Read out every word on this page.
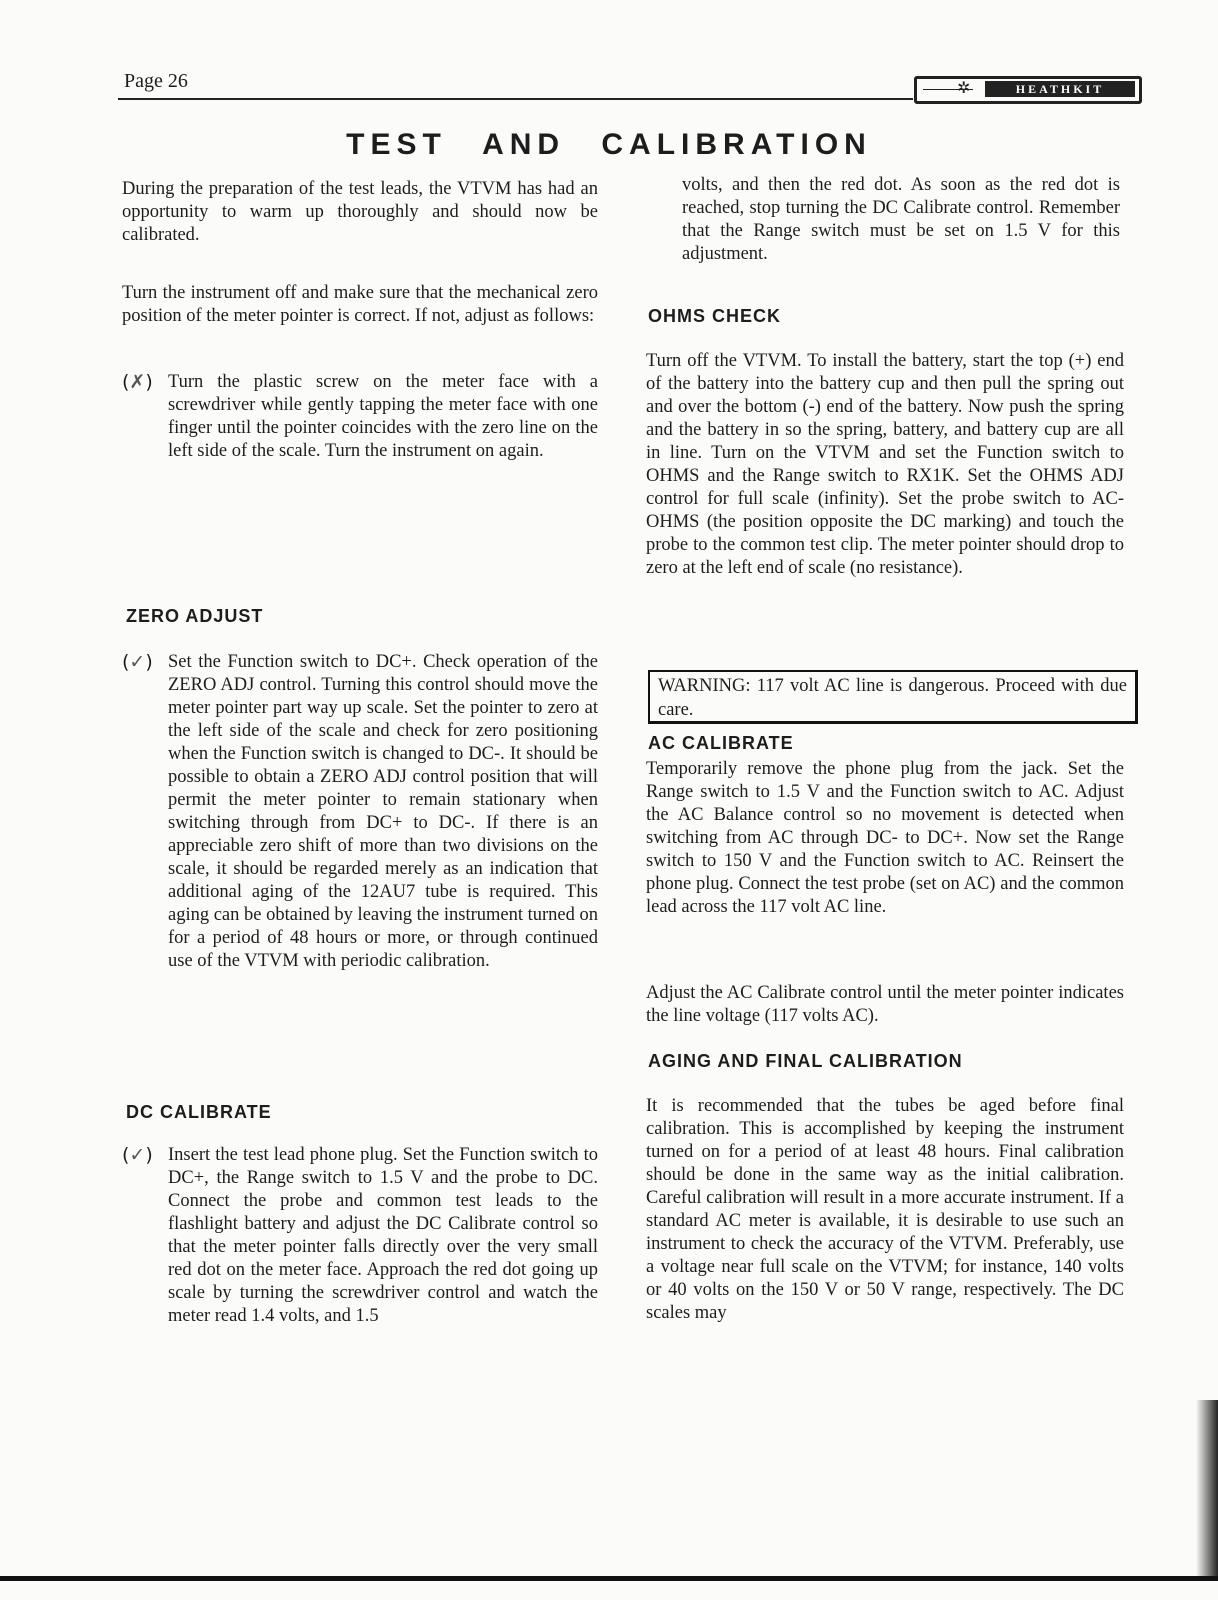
Page 26	✲	HEATHKIT
TEST AND CALIBRATION

During the preparation of the test leads, the VTVM has had an opportunity to warm up thoroughly and should now be calibrated.

Turn the instrument off and make sure that the mechanical zero position of the meter pointer is correct. If not, adjust as follows:

(✗) Turn the plastic screw on the meter face with a screwdriver while gently tapping the meter face with one finger until the pointer coincides with the zero line on the left side of the scale. Turn the instrument on again.

ZERO ADJUST
(✓) Set the Function switch to DC+. Check operation of the ZERO ADJ control. Turning this control should move the meter pointer part way up scale. Set the pointer to zero at the left side of the scale and check for zero positioning when the Function switch is changed to DC-. It should be possible to obtain a ZERO ADJ control position that will permit the meter pointer to remain stationary when switching through from DC+ to DC-. If there is an appreciable zero shift of more than two divisions on the scale, it should be regarded merely as an indication that additional aging of the 12AU7 tube is required. This aging can be obtained by leaving the instrument turned on for a period of 48 hours or more, or through continued use of the VTVM with periodic calibration.

DC CALIBRATE
(✓) Insert the test lead phone plug. Set the Function switch to DC+, the Range switch to 1.5 V and the probe to DC. Connect the probe and common test leads to the flashlight battery and adjust the DC Calibrate control so that the meter pointer falls directly over the very small red dot on the meter face. Approach the red dot going up scale by turning the screwdriver control and watch the meter read 1.4 volts, and 1.5

volts, and then the red dot. As soon as the red dot is reached, stop turning the DC Calibrate control. Remember that the Range switch must be set on 1.5 V for this adjustment.

OHMS CHECK

Turn off the VTVM. To install the battery, start the top (+) end of the battery into the battery cup and then pull the spring out and over the bottom (-) end of the battery. Now push the spring and the battery in so the spring, battery, and battery cup are all in line. Turn on the VTVM and set the Function switch to OHMS and the Range switch to RX1K. Set the OHMS ADJ control for full scale (infinity). Set the probe switch to AC-OHMS (the position opposite the DC marking) and touch the probe to the common test clip. The meter pointer should drop to zero at the left end of scale (no resistance).

WARNING: 117 volt AC line is dangerous. Proceed with due care.
AC CALIBRATE

Temporarily remove the phone plug from the jack. Set the Range switch to 1.5 V and the Function switch to AC. Adjust the AC Balance control so no movement is detected when switching from AC through DC- to DC+. Now set the Range switch to 150 V and the Function switch to AC. Reinsert the phone plug. Connect the test probe (set on AC) and the common lead across the 117 volt AC line.

Adjust the AC Calibrate control until the meter pointer indicates the line voltage (117 volts AC).

AGING AND FINAL CALIBRATION

It is recommended that the tubes be aged before final calibration. This is accomplished by keeping the instrument turned on for a period of at least 48 hours. Final calibration should be done in the same way as the initial calibration. Careful calibration will result in a more accurate instrument. If a standard AC meter is available, it is desirable to use such an instrument to check the accuracy of the VTVM. Preferably, use a voltage near full scale on the VTVM; for instance, 140 volts or 40 volts on the 150 V or 50 V range, respectively. The DC scales may
